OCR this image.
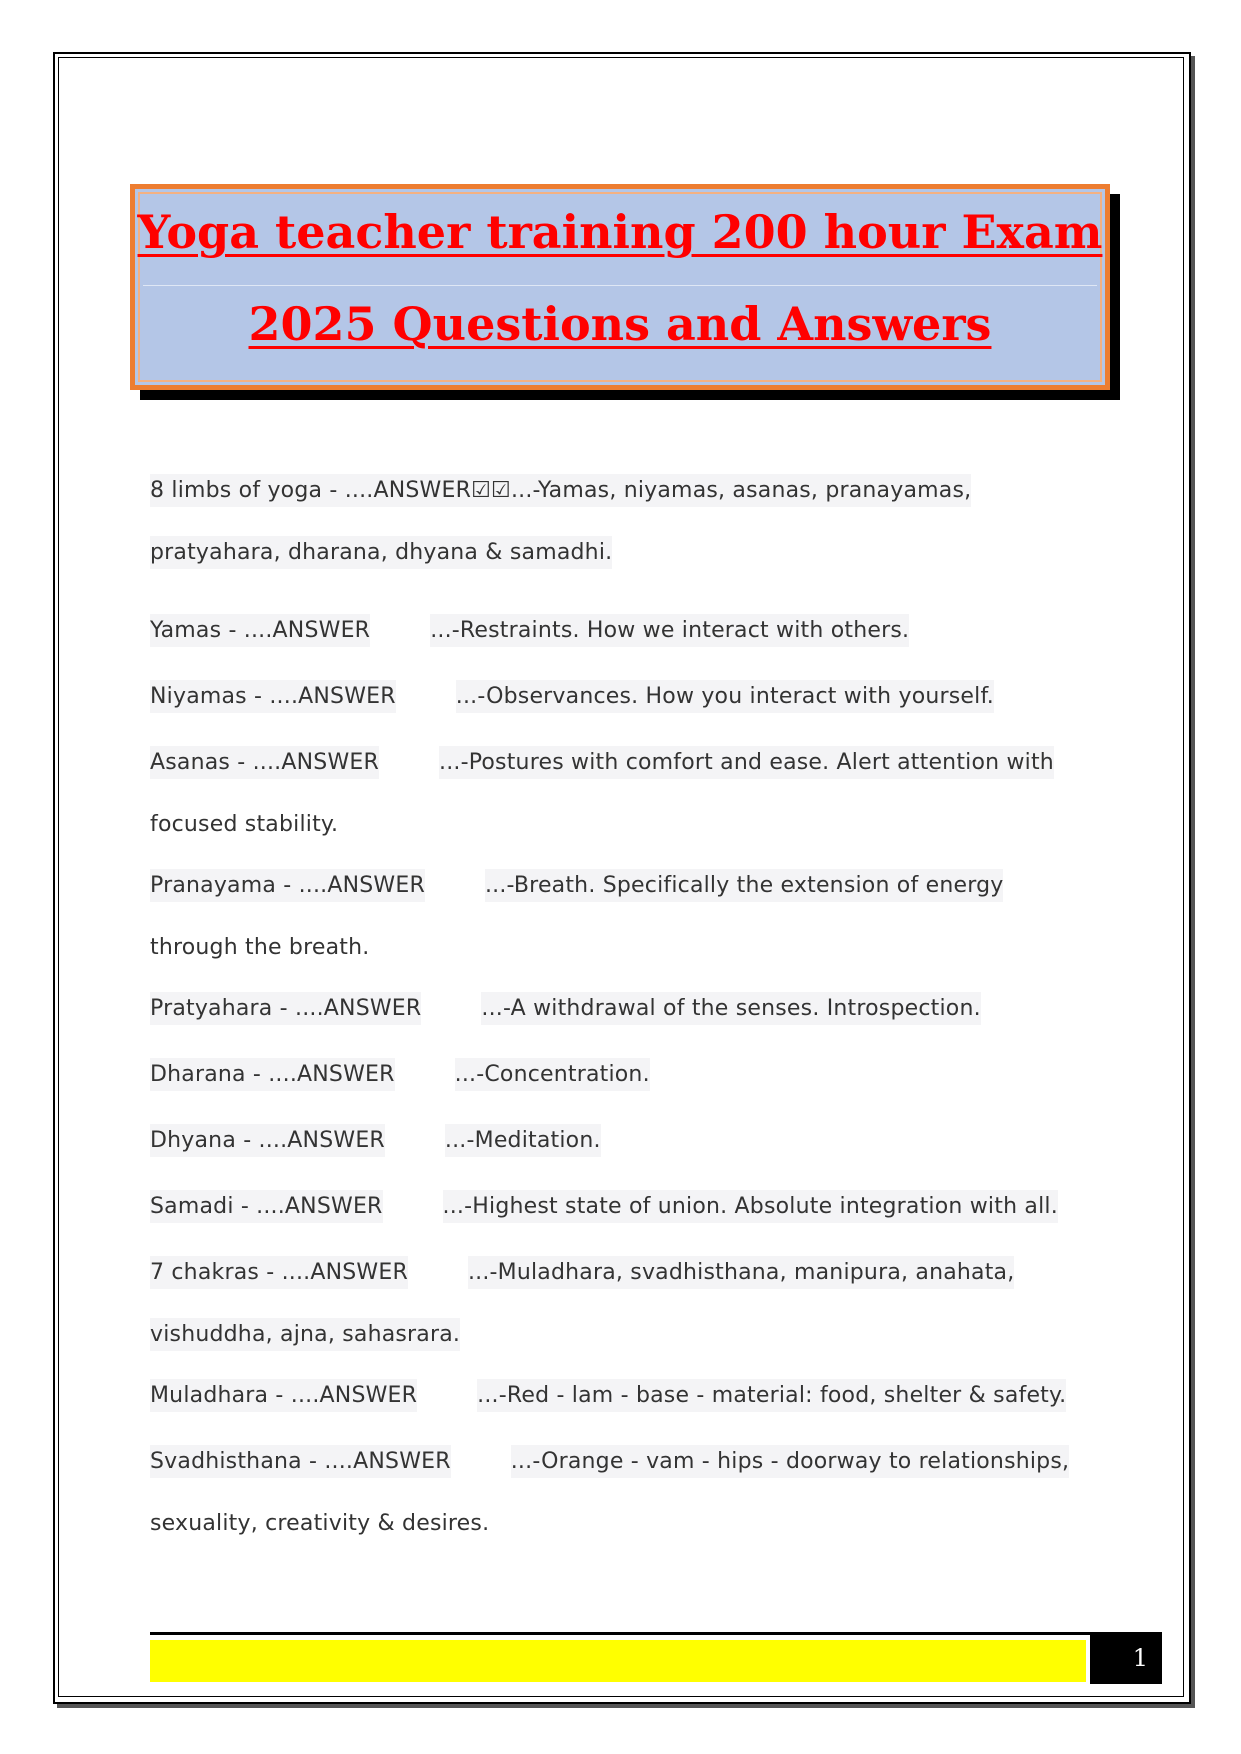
Yoga teacher training 200 hour Exam
2025 Questions and Answers

8 limbs of yoga - ....ANSWER☑☑...-Yamas, niyamas, asanas, pranayamas,
pratyahara, dharana, dhyana & samadhi.

Yamas - ....ANSWER	...-Restraints. How we interact with others.

Niyamas - ....ANSWER	...-Observances. How you interact with yourself.

Asanas - ....ANSWER	...-Postures with comfort and ease. Alert attention with
focused stability.

Pranayama - ....ANSWER	...-Breath. Specifically the extension of energy
through the breath.

Pratyahara - ....ANSWER	...-A withdrawal of the senses. Introspection.

Dharana - ....ANSWER	...-Concentration.

Dhyana - ....ANSWER	...-Meditation.

Samadi - ....ANSWER	...-Highest state of union. Absolute integration with all.

7 chakras - ....ANSWER	...-Muladhara, svadhisthana, manipura, anahata,
vishuddha, ajna, sahasrara.

Muladhara - ....ANSWER	...-Red - lam - base - material: food, shelter & safety.

Svadhisthana - ....ANSWER	...-Orange - vam - hips - doorway to relationships,
sexuality, creativity & desires.

1
